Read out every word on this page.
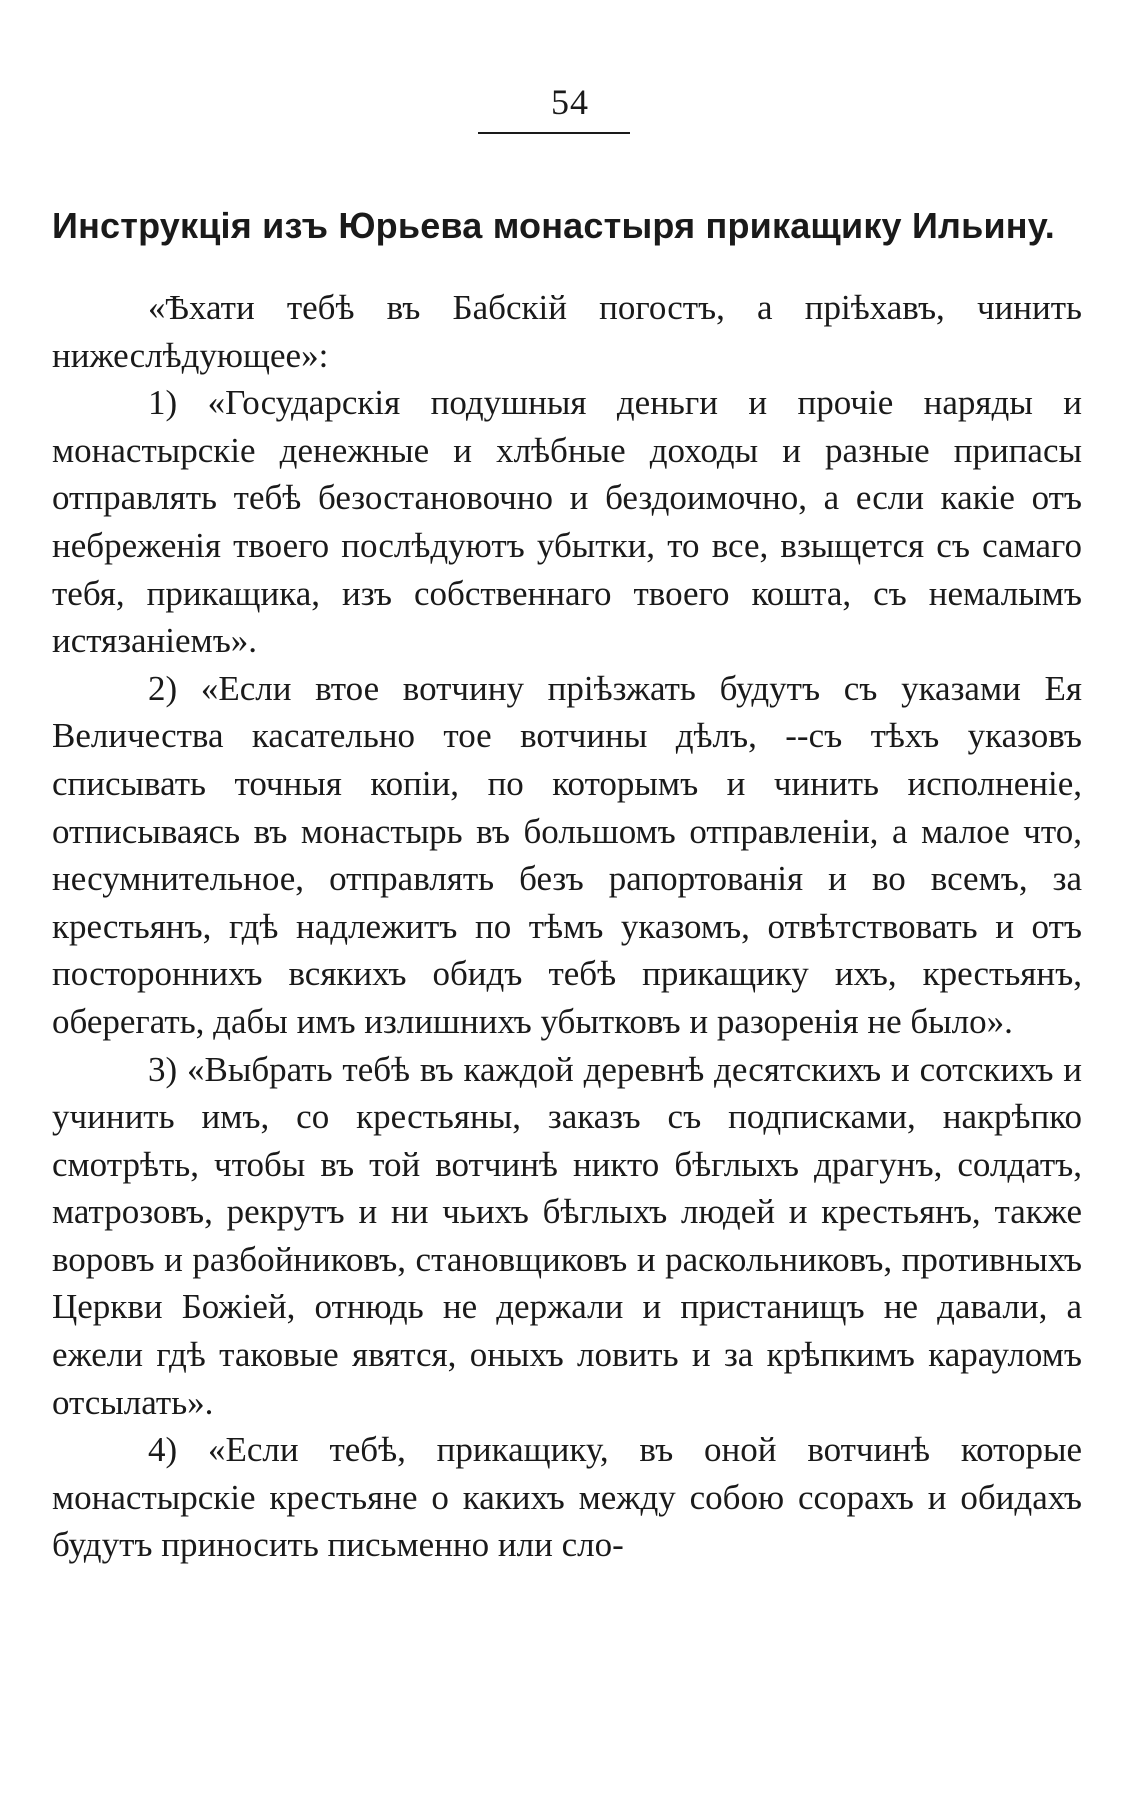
54
Инструкція изъ Юрьева монастыря прикащику Ильину.

«Ѣхати тебѣ въ Бабскій погостъ, а пріѣхавъ, чинить нижеслѣдующее»:

1) «Государскія подушныя деньги и прочіе наряды и монастырскіе денежные и хлѣбные доходы и разные припасы отправлять тебѣ безостановочно и бездоимочно, а если какіе отъ небреженія твоего послѣдуютъ убытки, то все, взыщется съ самаго тебя, прикащика, изъ собственнаго твоего кошта, съ немалымъ истязаніемъ».

2) «Если втое вотчину пріѣзжать будутъ съ указами Ея Величества касательно тое вотчины дѣлъ, --съ тѣхъ указовъ списывать точныя копіи, по которымъ и чинить исполненіе, отписываясь въ монастырь въ большомъ отправленіи, а малое что, несумнительное, отправлять безъ рапортованія и во всемъ, за крестьянъ, гдѣ надлежитъ по тѣмъ указомъ, отвѣтствовать и отъ постороннихъ всякихъ обидъ тебѣ прикащику ихъ, крестьянъ, оберегать, дабы имъ излишнихъ убытковъ и разоренія не было».

3) «Выбрать тебѣ въ каждой деревнѣ десятскихъ и сотскихъ и учинить имъ, со крестьяны, заказъ съ подписками, накрѣпко смотрѣть, чтобы въ той вотчинѣ никто бѣглыхъ драгунъ, солдатъ, матрозовъ, рекрутъ и ни чьихъ бѣглыхъ людей и крестьянъ, также воровъ и разбойниковъ, становщиковъ и раскольниковъ, противныхъ Церкви Божіей, отнюдь не держали и пристанищъ не давали, а ежели гдѣ таковые явятся, оныхъ ловить и за крѣпкимъ карауломъ отсылать».

4) «Если тебѣ, прикащику, въ оной вотчинѣ которые монастырскіе крестьяне о какихъ между собою ссорахъ и обидахъ будутъ приносить письменно или сло-
